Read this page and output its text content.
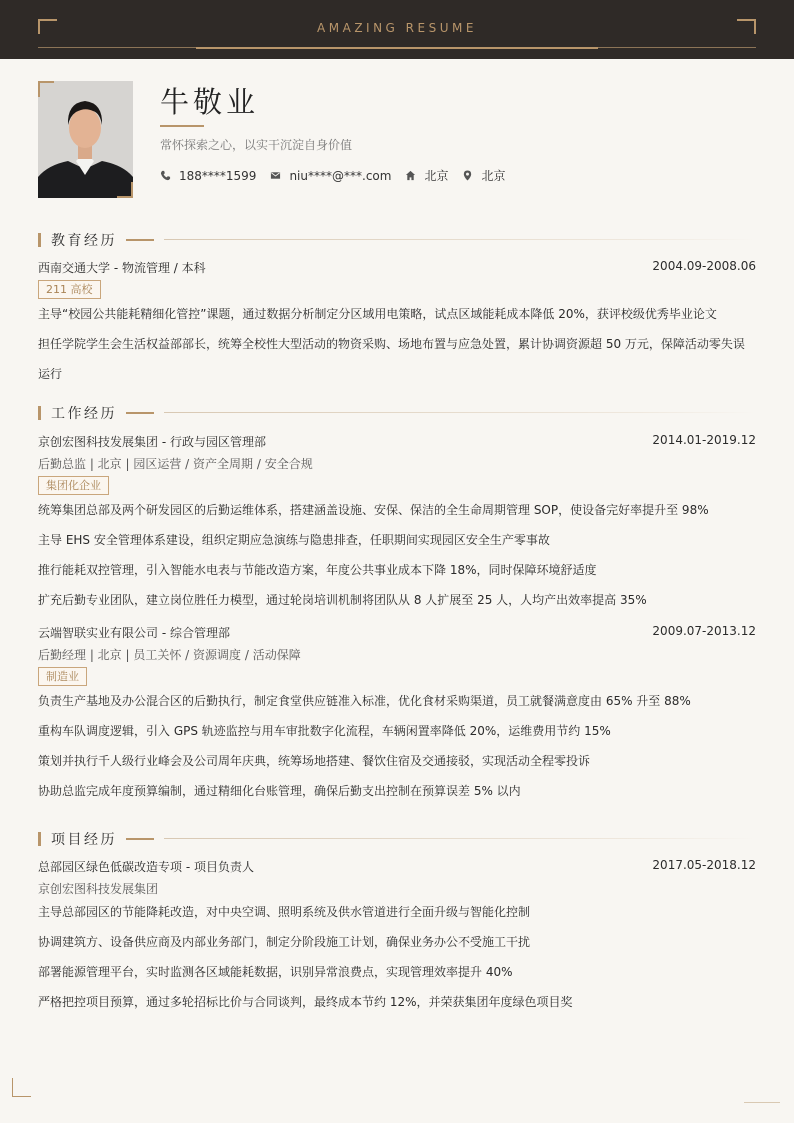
AMAZING RESUME
牛敬业
常怀探索之心，以实干沉淀自身价值
188****1599	niu****@***.com	北京	北京
教育经历
西南交通大学 - 物流管理 / 本科	2004.09-2008.06
211 高校
主导“校园公共能耗精细化管控”课题，通过数据分析制定分区域用电策略，试点区域能耗成本降低 20%，获评校级优秀毕业论文
担任学院学生会生活权益部部长，统筹全校性大型活动的物资采购、场地布置与应急处置，累计协调资源超 50 万元，保障活动零失误运行
工作经历
京创宏图科技发展集团 - 行政与园区管理部	2014.01-2019.12
后勤总监 | 北京 | 园区运营 / 资产全周期 / 安全合规
集团化企业
统筹集团总部及两个研发园区的后勤运维体系，搭建涵盖设施、安保、保洁的全生命周期管理 SOP，使设备完好率提升至 98%
主导 EHS 安全管理体系建设，组织定期应急演练与隐患排查，任职期间实现园区安全生产零事故
推行能耗双控管理，引入智能水电表与节能改造方案，年度公共事业成本下降 18%，同时保障环境舒适度
扩充后勤专业团队，建立岗位胜任力模型，通过轮岗培训机制将团队从 8 人扩展至 25 人，人均产出效率提高 35%
云端智联实业有限公司 - 综合管理部	2009.07-2013.12
后勤经理 | 北京 | 员工关怀 / 资源调度 / 活动保障
制造业
负责生产基地及办公混合区的后勤执行，制定食堂供应链准入标准，优化食材采购渠道，员工就餐满意度由 65% 升至 88%
重构车队调度逻辑，引入 GPS 轨迹监控与用车审批数字化流程，车辆闲置率降低 20%，运维费用节约 15%
策划并执行千人级行业峰会及公司周年庆典，统筹场地搭建、餐饮住宿及交通接驳，实现活动全程零投诉
协助总监完成年度预算编制，通过精细化台账管理，确保后勤支出控制在预算误差 5% 以内
项目经历
总部园区绿色低碳改造专项 - 项目负责人	2017.05-2018.12
京创宏图科技发展集团
主导总部园区的节能降耗改造，对中央空调、照明系统及供水管道进行全面升级与智能化控制
协调建筑方、设备供应商及内部业务部门，制定分阶段施工计划，确保业务办公不受施工干扰
部署能源管理平台，实时监测各区域能耗数据，识别异常浪费点，实现管理效率提升 40%
严格把控项目预算，通过多轮招标比价与合同谈判，最终成本节约 12%，并荣获集团年度绿色项目奖
